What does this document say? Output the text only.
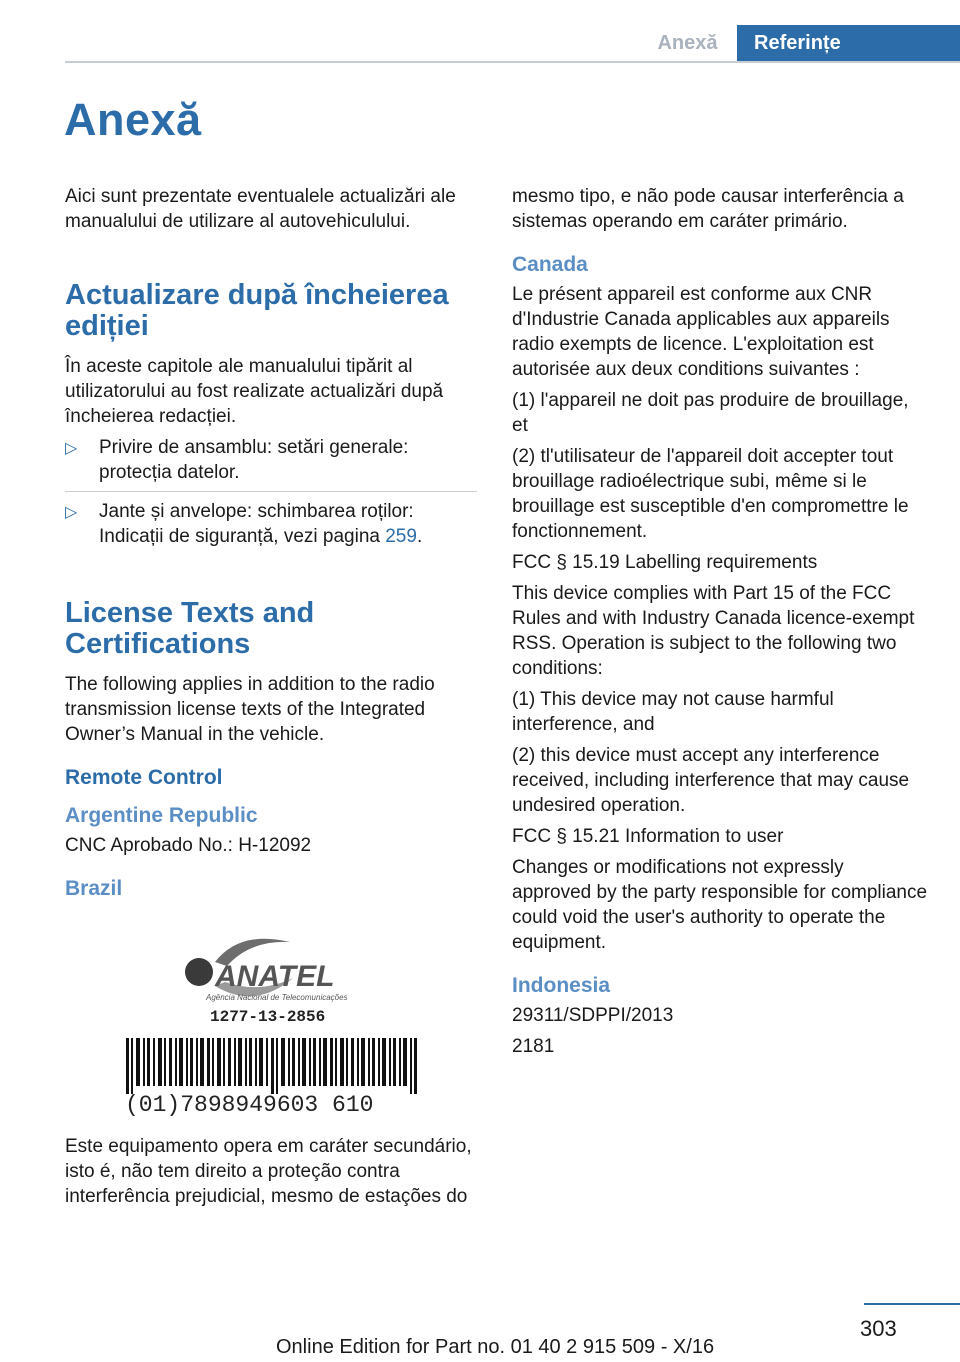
Anexă	Referințe
Anexă

Aici sunt prezentate eventualele actualizări ale manualului de utilizare al autovehiculului.

Actualizare după încheierea ediției

În aceste capitole ale manualului tipărit al utilizatorului au fost realizate actualizări după încheierea redacției.

▷ Privire de ansamblu: setări generale: protecția datelor.
▷ Jante și anvelope: schimbarea roților: Indicații de siguranță, vezi pagina 259.
License Texts and Certifications

The following applies in addition to the radio transmission license texts of the Integrated Owner’s Manual in the vehicle.

Remote Control
Argentine Republic

CNC Aprobado No.: H-12092

Brazil
ANATEL
Agência Nacional de Telecomunicações
1277-13-2856
(01)7898949603 610

Este equipamento opera em caráter secundário, isto é, não tem direito a proteção contra interferência prejudicial, mesmo de estações do

mesmo tipo, e não pode causar interferência a sistemas operando em caráter primário.

Canada

Le présent appareil est conforme aux CNR d'Industrie Canada applicables aux appareils radio exempts de licence. L'exploitation est autorisée aux deux conditions suivantes :

(1) l'appareil ne doit pas produire de brouillage, et

(2) tl'utilisateur de l'appareil doit accepter tout brouillage radioélectrique subi, même si le brouillage est susceptible d'en compromettre le fonctionnement.

FCC § 15.19 Labelling requirements

This device complies with Part 15 of the FCC Rules and with Industry Canada licence-exempt RSS. Operation is subject to the following two conditions:

(1) This device may not cause harmful interference, and

(2) this device must accept any interference received, including interference that may cause undesired operation.

FCC § 15.21 Information to user

Changes or modifications not expressly approved by the party responsible for compliance could void the user's authority to operate the equipment.

Indonesia

29311/SDPPI/2013

2181

303
Online Edition for Part no. 01 40 2 915 509 - X/16
